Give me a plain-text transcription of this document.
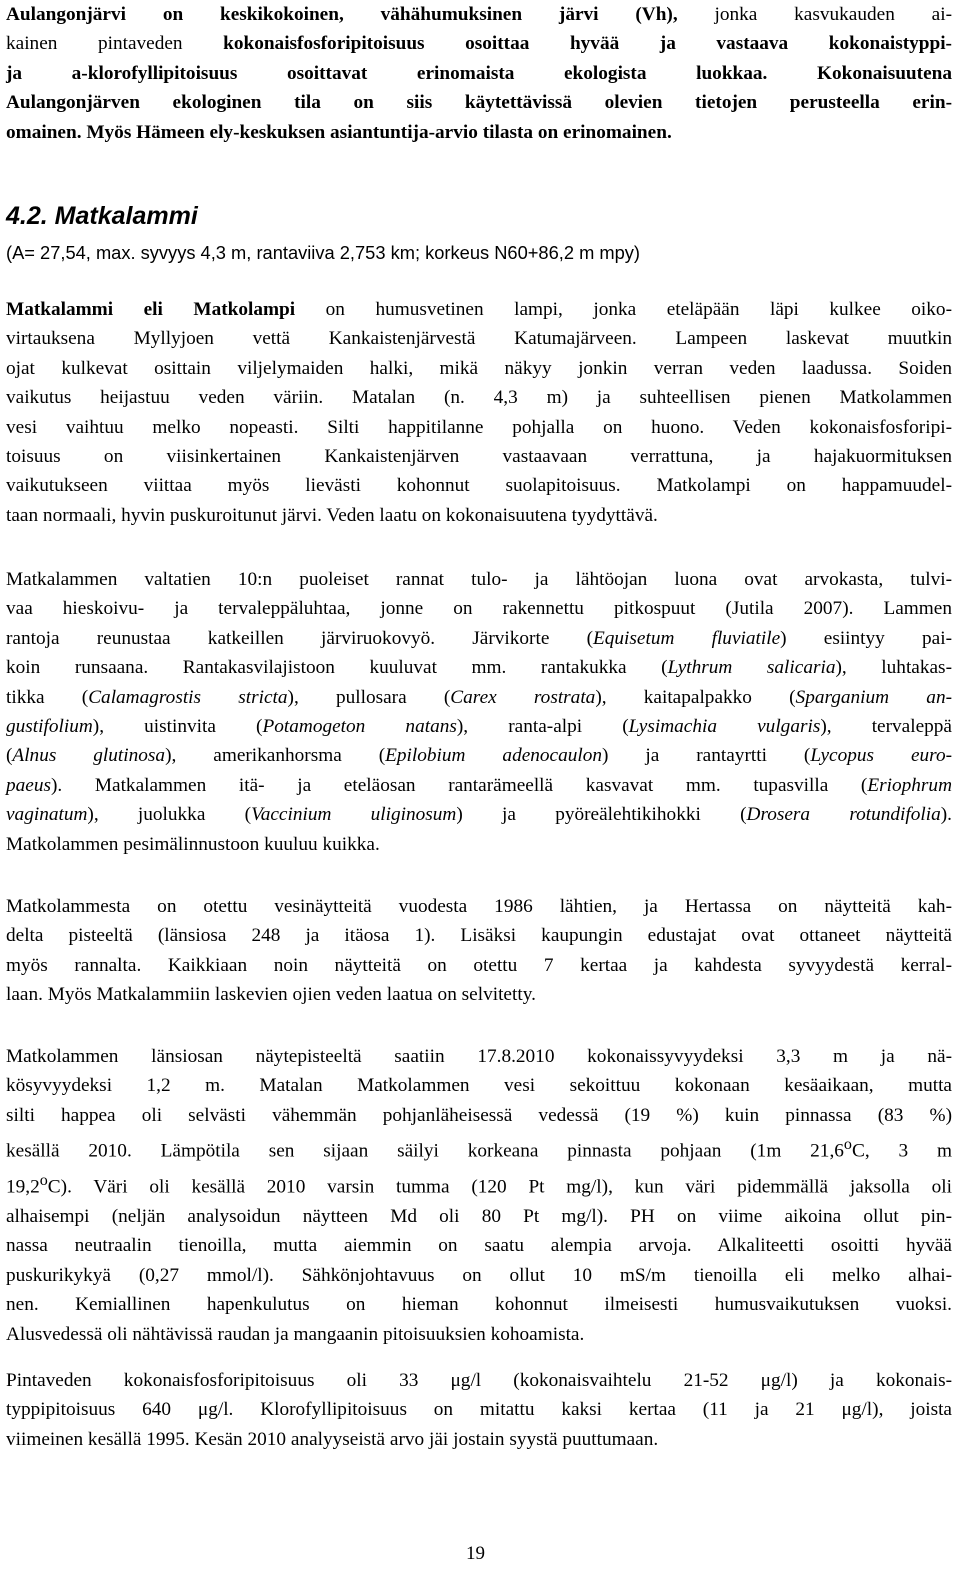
Aulangonjärvi on keskikokoinen, vähähumuksinen järvi (Vh), jonka kasvukauden ai-
kainen pintaveden kokonaisfosforipitoisuus osoittaa hyvää ja vastaava kokonaistyppi-
ja a-klorofyllipitoisuus osoittavat erinomaista ekologista luokkaa. Kokonaisuutena
Aulangonjärven ekologinen tila on siis käytettävissä olevien tietojen perusteella erin-
omainen. Myös Hämeen ely-keskuksen asiantuntija-arvio tilasta on erinomainen.
4.2. Matkalammi
(A= 27,54, max. syvyys 4,3 m, rantaviiva 2,753 km; korkeus N60+86,2 m mpy)
Matkalammi eli Matkolampi on humusvetinen lampi, jonka eteläpään läpi kulkee oiko-
virtauksena Myllyjoen vettä Kankaistenjärvestä Katumajärveen. Lampeen laskevat muutkin
ojat kulkevat osittain viljelymaiden halki, mikä näkyy jonkin verran veden laadussa. Soiden
vaikutus heijastuu veden väriin. Matalan (n. 4,3 m) ja suhteellisen pienen Matkolammen
vesi vaihtuu melko nopeasti. Silti happitilanne pohjalla on huono. Veden kokonaisfosforipi-
toisuus on viisinkertainen Kankaistenjärven vastaavaan verrattuna, ja hajakuormituksen
vaikutukseen viittaa myös lievästi kohonnut suolapitoisuus. Matkolampi on happamuudel-
taan normaali, hyvin puskuroitunut järvi. Veden laatu on kokonaisuutena tyydyttävä.
Matkalammen valtatien 10:n puoleiset rannat tulo- ja lähtöojan luona ovat arvokasta, tulvi-
vaa hieskoivu- ja tervaleppäluhtaa, jonne on rakennettu pitkospuut (Jutila 2007). Lammen
rantoja reunustaa katkeillen järviruokovyö. Järvikorte (Equisetum fluviatile) esiintyy pai-
koin runsaana. Rantakasvilajistoon kuuluvat mm. rantakukka (Lythrum salicaria), luhtakas-
tikka (Calamagrostis stricta), pullosara (Carex rostrata), kaitapalpakko (Sparganium an-
gustifolium), uistinvita (Potamogeton natans), ranta-alpi (Lysimachia vulgaris), tervaleppä
(Alnus glutinosa), amerikanhorsma (Epilobium adenocaulon) ja rantayrtti (Lycopus euro-
paeus). Matkalammen itä- ja eteläosan rantarämeellä kasvavat mm. tupasvilla (Eriophrum
vaginatum), juolukka (Vaccinium uliginosum) ja pyöreälehtikihokki (Drosera rotundifolia).
Matkolammen pesimälinnustoon kuuluu kuikka.
Matkolammesta on otettu vesinäytteitä vuodesta 1986 lähtien, ja Hertassa on näytteitä kah-
delta pisteeltä (länsiosa 248 ja itäosa 1). Lisäksi kaupungin edustajat ovat ottaneet näytteitä
myös rannalta. Kaikkiaan noin näytteitä on otettu 7 kertaa ja kahdesta syvyydestä kerral-
laan. Myös Matkalammiin laskevien ojien veden laatua on selvitetty.
Matkolammen länsiosan näytepisteeltä saatiin 17.8.2010 kokonaissyvyydeksi 3,3 m ja nä-
kösyvyydeksi 1,2 m. Matalan Matkolammen vesi sekoittuu kokonaan kesäaikaan, mutta
silti happea oli selvästi vähemmän pohjanläheisessä vedessä (19 %) kuin pinnassa (83 %)
kesällä 2010. Lämpötila sen sijaan säilyi korkeana pinnasta pohjaan (1m 21,6$^o$C, 3 m
19,2$^o$C). Väri oli kesällä 2010 varsin tumma (120 Pt mg/l), kun väri pidemmällä jaksolla oli
alhaisempi (neljän analysoidun näytteen Md oli 80 Pt mg/l). PH on viime aikoina ollut pin-
nassa neutraalin tienoilla, mutta aiemmin on saatu alempia arvoja. Alkaliteetti osoitti hyvää
puskurikykyä (0,27 mmol/l). Sähkönjohtavuus on ollut 10 mS/m tienoilla eli melko alhai-
nen. Kemiallinen hapenkulutus on hieman kohonnut ilmeisesti humusvaikutuksen vuoksi.
Alusvedessä oli nähtävissä raudan ja mangaanin pitoisuuksien kohoamista.
Pintaveden kokonaisfosforipitoisuus oli 33 μg/l (kokonaisvaihtelu 21-52 μg/l) ja kokonais-
typpipitoisuus 640 μg/l. Klorofyllipitoisuus on mitattu kaksi kertaa (11 ja 21 μg/l), joista
viimeinen kesällä 1995. Kesän 2010 analyyseistä arvo jäi jostain syystä puuttumaan.
19
